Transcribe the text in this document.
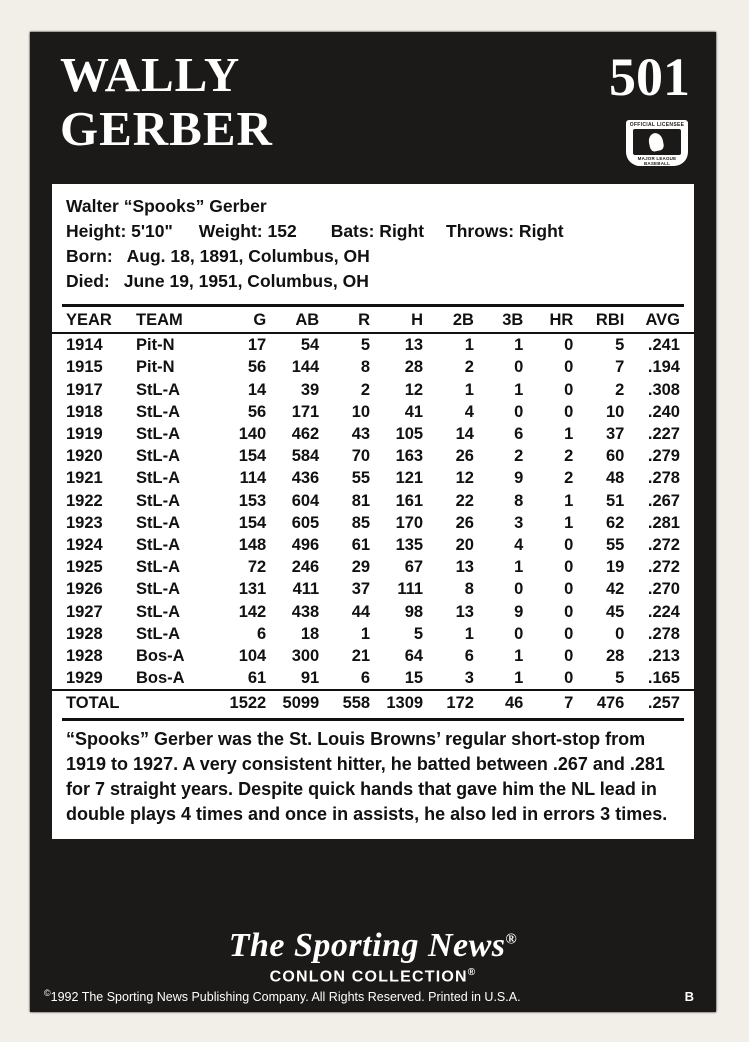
WALLY
GERBER
501
OFFICIAL LICENSEE
MAJOR LEAGUE BASEBALL
Walter “Spooks” Gerber
Height: 5'10" Weight: 152 Bats: Right Throws: Right
Born: Aug. 18, 1891, Columbus, OH
Died: June 19, 1951, Columbus, OH
YEAR	TEAM	G	AB	R	H	2B	3B	HR	RBI	AVG
1914	Pit-N	17	54	5	13	1	1	0	5	.241
1915	Pit-N	56	144	8	28	2	0	0	7	.194
1917	StL-A	14	39	2	12	1	1	0	2	.308
1918	StL-A	56	171	10	41	4	0	0	10	.240
1919	StL-A	140	462	43	105	14	6	1	37	.227
1920	StL-A	154	584	70	163	26	2	2	60	.279
1921	StL-A	114	436	55	121	12	9	2	48	.278
1922	StL-A	153	604	81	161	22	8	1	51	.267
1923	StL-A	154	605	85	170	26	3	1	62	.281
1924	StL-A	148	496	61	135	20	4	0	55	.272
1925	StL-A	72	246	29	67	13	1	0	19	.272
1926	StL-A	131	411	37	111	8	0	0	42	.270
1927	StL-A	142	438	44	98	13	9	0	45	.224
1928	StL-A	6	18	1	5	1	0	0	0	.278
1928	Bos-A	104	300	21	64	6	1	0	28	.213
1929	Bos-A	61	91	6	15	3	1	0	5	.165
TOTAL		1522	5099	558	1309	172	46	7	476	.257
“Spooks” Gerber was the St. Louis Browns’ regular short-stop from 1919 to 1927. A very consistent hitter, he batted between .267 and .281 for 7 straight years. Despite quick hands that gave him the NL lead in double plays 4 times and once in assists, he also led in errors 3 times.
The Sporting News®
CONLON COLLECTION®
©1992 The Sporting News Publishing Company. All Rights Reserved. Printed in U.S.A.	B
